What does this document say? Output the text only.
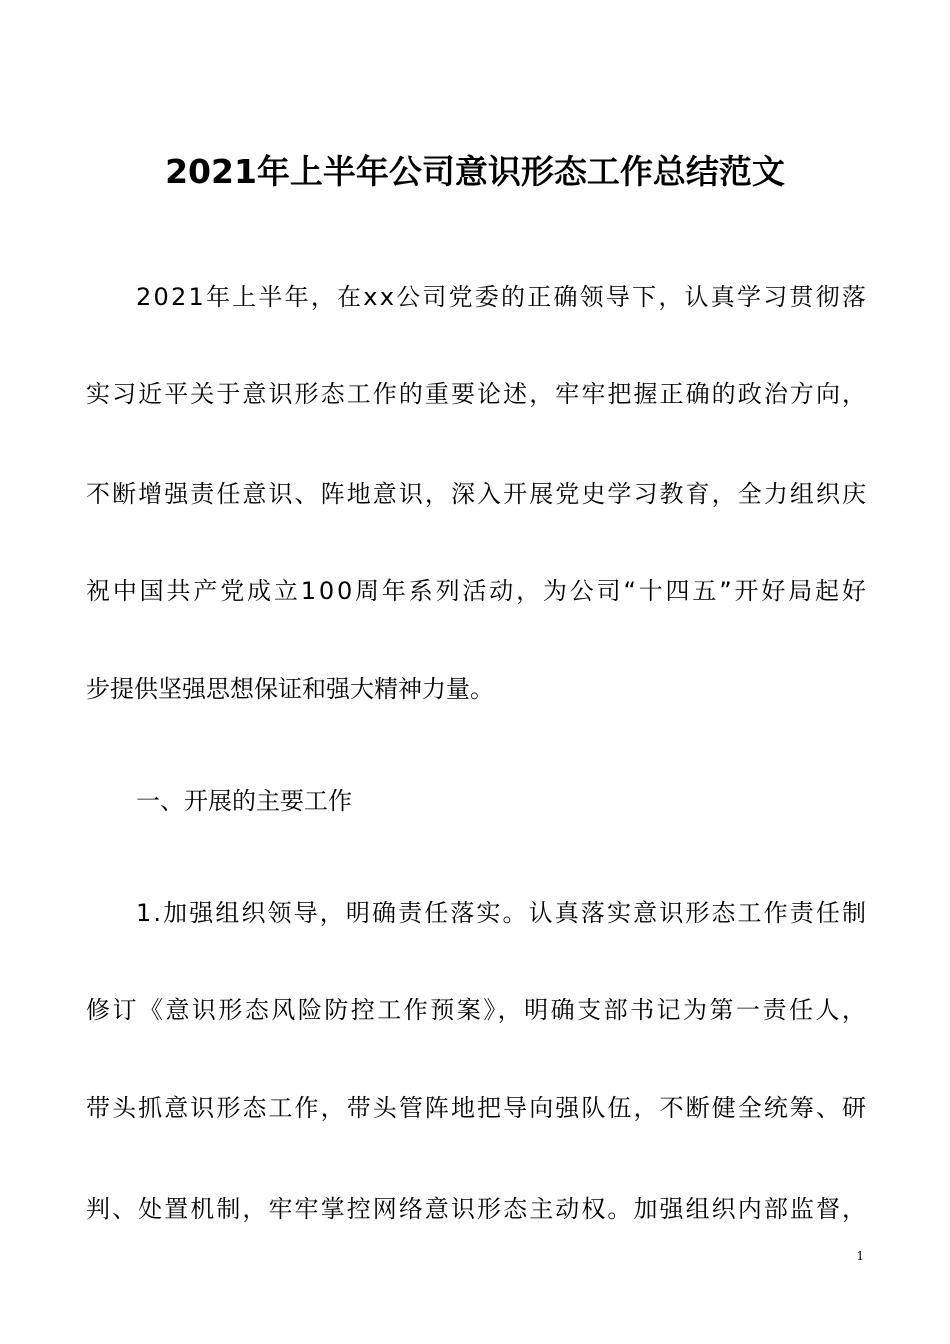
2021年上半年公司意识形态工作总结范文
2021年上半年，在xx公司党委的正确领导下，认真学习贯彻落
实习近平关于意识形态工作的重要论述，牢牢把握正确的政治方向，
不断增强责任意识、阵地意识，深入开展党史学习教育，全力组织庆
祝中国共产党成立100周年系列活动，为公司“十四五”开好局起好
步提供坚强思想保证和强大精神力量。
一、开展的主要工作
1.加强组织领导，明确责任落实。认真落实意识形态工作责任制
修订《意识形态风险防控工作预案》，明确支部书记为第一责任人，
带头抓意识形态工作，带头管阵地把导向强队伍，不断健全统筹、研
判、处置机制，牢牢掌控网络意识形态主动权。加强组织内部监督，
1
